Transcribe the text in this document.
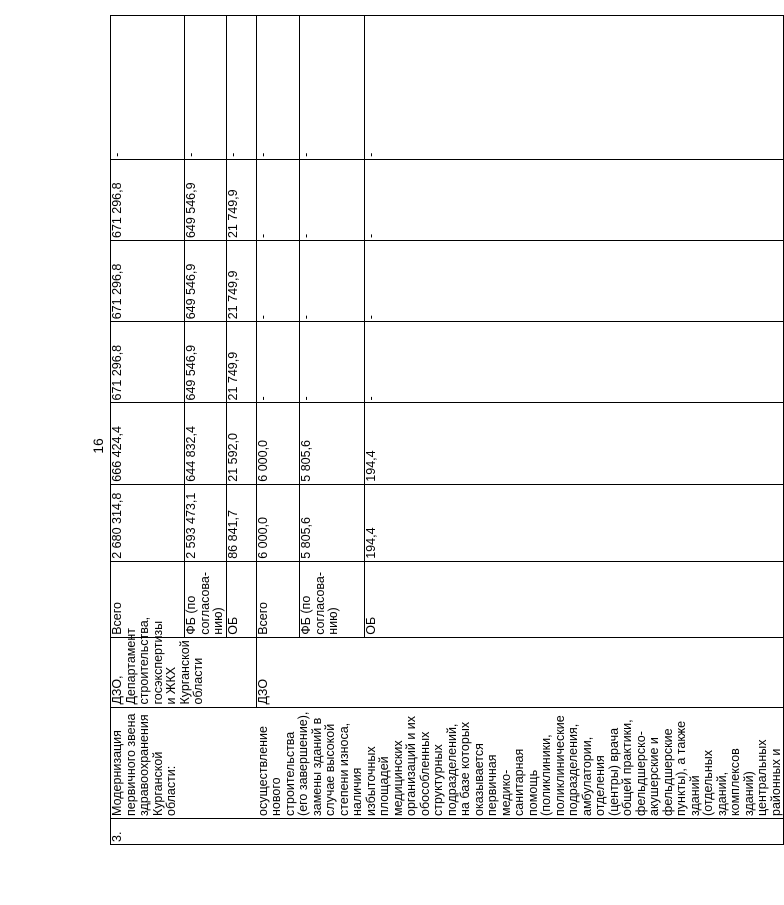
16
3.	Модернизация первичного звена здравоохранения Курганской области:	ДЗО, Департамент строительства, госэкспертизы и ЖКХ Курганской области	Всего	2 680 314,8	666 424,4	671 296,8	671 296,8	671 296,8	-
			ФБ (по согласова-нию)	2 593 473,1	644 832,4	649 546,9	649 546,9	649 546,9	-
			ОБ	86 841,7	21 592,0	21 749,9	21 749,9	21 749,9	-
	осуществление нового строительства (его завершение), замены зданий в случае высокой степени износа, наличия избыточных площадей медицинских организаций и их обособленных структурных подразделений, на базе которых оказывается первичная медико-санитарная помощь (поликлиники, поликлинические подразделения, амбулатории, отделения (центры) врача общей практики, фельдшерско-акушерские и фельдшерские пункты), а также зданий (отдельных зданий, комплексов зданий) центральных районных и	ДЗО	Всего	6 000,0	6 000,0	-	-	-	-
			ФБ (по согласова-нию)	5 805,6	5 805,6	-	-	-	-
			ОБ	194,4	194,4	-	-	-	-
